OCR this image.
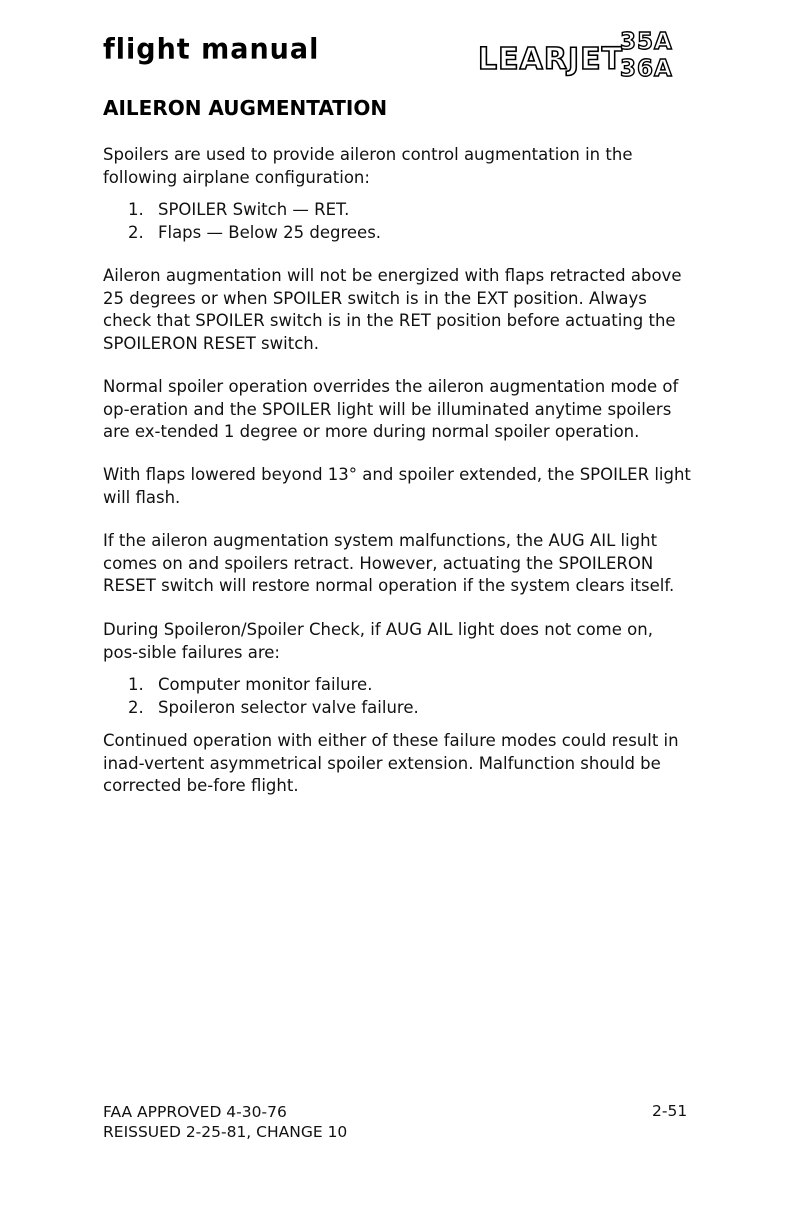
flight manual	LEARJET
35A
36A
AILERON AUGMENTATION

Spoilers are used to provide aileron control augmentation in the following airplane configuration:

1. SPOILER Switch — RET.
2. Flaps — Below 25 degrees.

Aileron augmentation will not be energized with flaps retracted above 25 degrees or when SPOILER switch is in the EXT position. Always check that SPOILER switch is in the RET position before actuating the SPOILERON RESET switch.

Normal spoiler operation overrides the aileron augmentation mode of op-eration and the SPOILER light will be illuminated anytime spoilers are ex-tended 1 degree or more during normal spoiler operation.

With flaps lowered beyond 13° and spoiler extended, the SPOILER light will flash.

If the aileron augmentation system malfunctions, the AUG AIL light comes on and spoilers retract. However, actuating the SPOILERON RESET switch will restore normal operation if the system clears itself.

During Spoileron/Spoiler Check, if AUG AIL light does not come on, pos-sible failures are:

1. Computer monitor failure.
2. Spoileron selector valve failure.

Continued operation with either of these failure modes could result in inad-vertent asymmetrical spoiler extension. Malfunction should be corrected be-fore flight.

FAA APPROVED 4-30-76
REISSUED 2-25-81, CHANGE 10
2-51
